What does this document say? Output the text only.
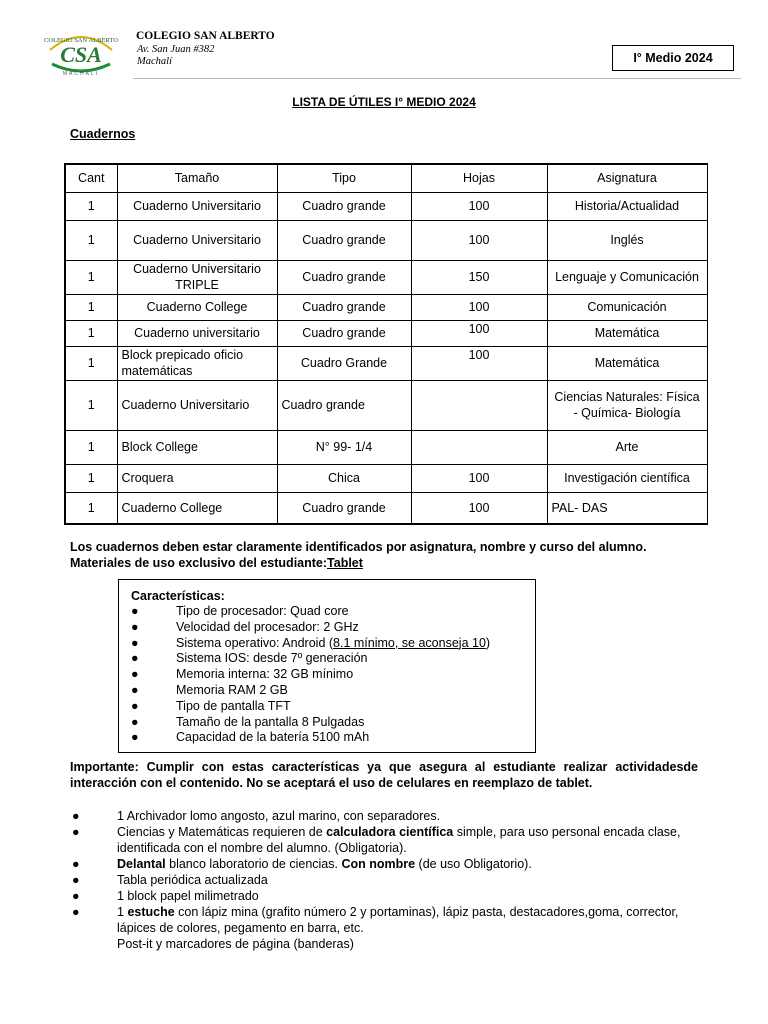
COLEGIO SAN ALBERTO
CSA
MACHALI
COLEGIO SAN ALBERTO
Av. San Juan #382
Machalí	I° Medio 2024
LISTA DE ÚTILES I° MEDIO 2024
Cuadernos
Cant	Tamaño	Tipo	Hojas	Asignatura
1	Cuaderno Universitario	Cuadro grande	100	Historia/Actualidad
1	Cuaderno Universitario	Cuadro grande	100	Inglés
1	Cuaderno Universitario TRIPLE	Cuadro grande	150	Lenguaje y Comunicación
1	Cuaderno College	Cuadro grande	100	Comunicación
1	Cuaderno universitario	Cuadro grande	100	Matemática
1	Block prepicado oficio matemáticas	Cuadro Grande	100	Matemática
1	Cuaderno Universitario	Cuadro grande		Ciencias Naturales: Física - Química- Biología
1	Block College	N° 99- 1/4		Arte
1	Croquera	Chica	100	Investigación científica
1	Cuaderno College	Cuadro grande	100	PAL- DAS
Los cuadernos deben estar claramente identificados por asignatura, nombre y curso del alumno.
Materiales de uso exclusivo del estudiante:Tablet
Características:
●	Tipo de procesador: Quad core
●	Velocidad del procesador: 2 GHz
●	Sistema operativo: Android (8.1 mínimo, se aconseja 10)
●	Sistema IOS: desde 7º generación
●	Memoria interna: 32 GB mínimo
●	Memoria RAM 2 GB
●	Tipo de pantalla TFT
●	Tamaño de la pantalla 8 Pulgadas
●	Capacidad de la batería 5100 mAh
Importante: Cumplir con estas características ya que asegura al estudiante realizar actividadesde interacción con el contenido. No se aceptará el uso de celulares en reemplazo de tablet.
●	1 Archivador lomo angosto, azul marino, con separadores.
●	Ciencias y Matemáticas requieren de calculadora científica simple, para uso personal encada clase, identificada con el nombre del alumno. (Obligatoria).
●	Delantal blanco laboratorio de ciencias. Con nombre (de uso Obligatorio).
●	Tabla periódica actualizada
●	1 block papel milimetrado
●	1 estuche con lápiz mina (grafito número 2 y portaminas), lápiz pasta, destacadores,goma, corrector, lápices de colores, pegamento en barra, etc.
Post-it y marcadores de página (banderas)
